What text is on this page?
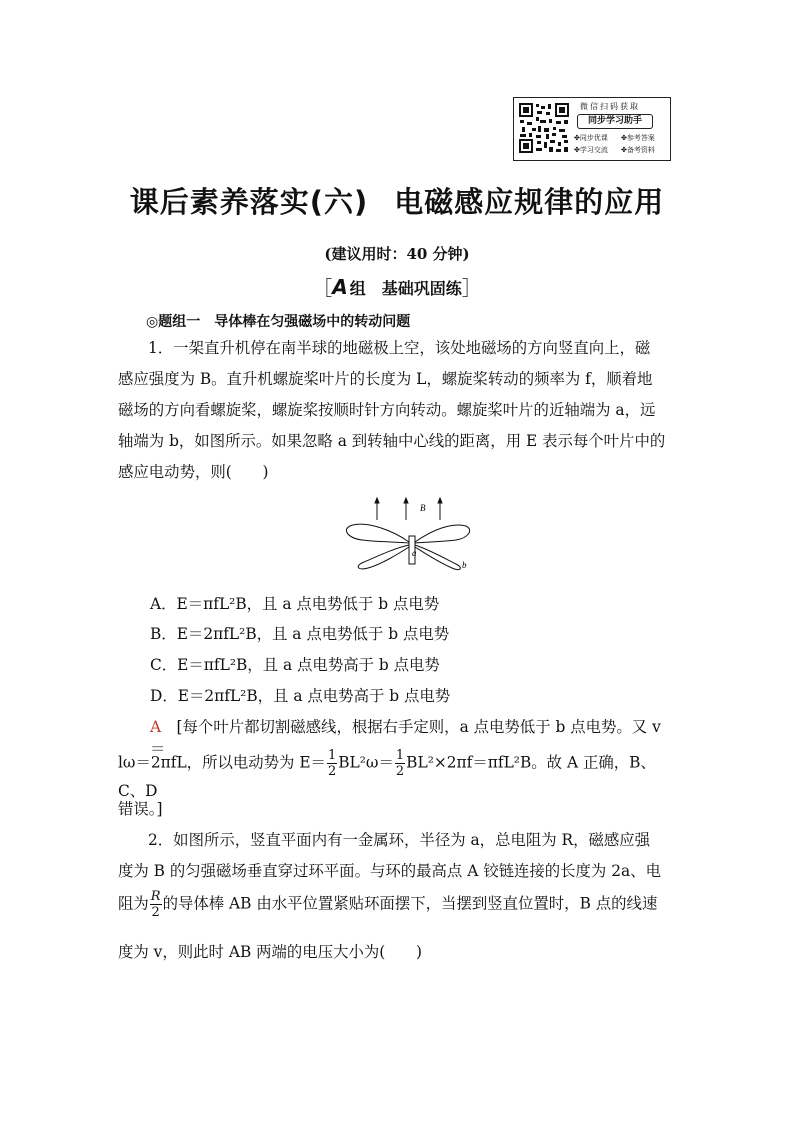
微信扫码获取
同步学习助手
✤同步优课 ✤参考答案
✤学习交流 ✤备考资料
课后素养落实(六) 电磁感应规律的应用
(建议用时：40 分钟)
［A 组　基础巩固练］
◎题组一　导体棒在匀强磁场中的转动问题

1．一架直升机停在南半球的地磁极上空，该处地磁场的方向竖直向上，磁

感应强度为 B。直升机螺旋桨叶片的长度为 L，螺旋桨转动的频率为 f，顺着地

磁场的方向看螺旋桨，螺旋桨按顺时针方向转动。螺旋桨叶片的近轴端为 a，远

轴端为 b，如图所示。如果忽略 a 到转轴中心线的距离，用 E 表示每个叶片中的

感应电动势，则(　　)

B
a
b
A．E＝πfL²B，且 a 点电势低于 b 点电势
B．E＝2πfL²B，且 a 点电势低于 b 点电势
C．E＝πfL²B，且 a 点电势高于 b 点电势
D．E＝2πfL²B，且 a 点电势高于 b 点电势
A　 [每个叶片都切割磁感线，根据右手定则，a 点电势低于 b 点电势。又 v＝
lω＝2πfL，所以电动势为 $E= \frac{1}{2} BL^2\omega= \frac{1}{2} BL^2\times 2\pi f=\pi fL^2B$。故 A 正确，B、C、D
错误。]

2．如图所示，竖直平面内有一金属环，半径为 a，总电阻为 R，磁感应强

度为 B 的匀强磁场垂直穿过环平面。与环的最高点 A 铰链连接的长度为 2a、电

阻为 $\frac{R}{2}$ 的导体棒 AB 由水平位置紧贴环面摆下，当摆到竖直位置时，B 点的线速
度为 v，则此时 AB 两端的电压大小为(　　)
